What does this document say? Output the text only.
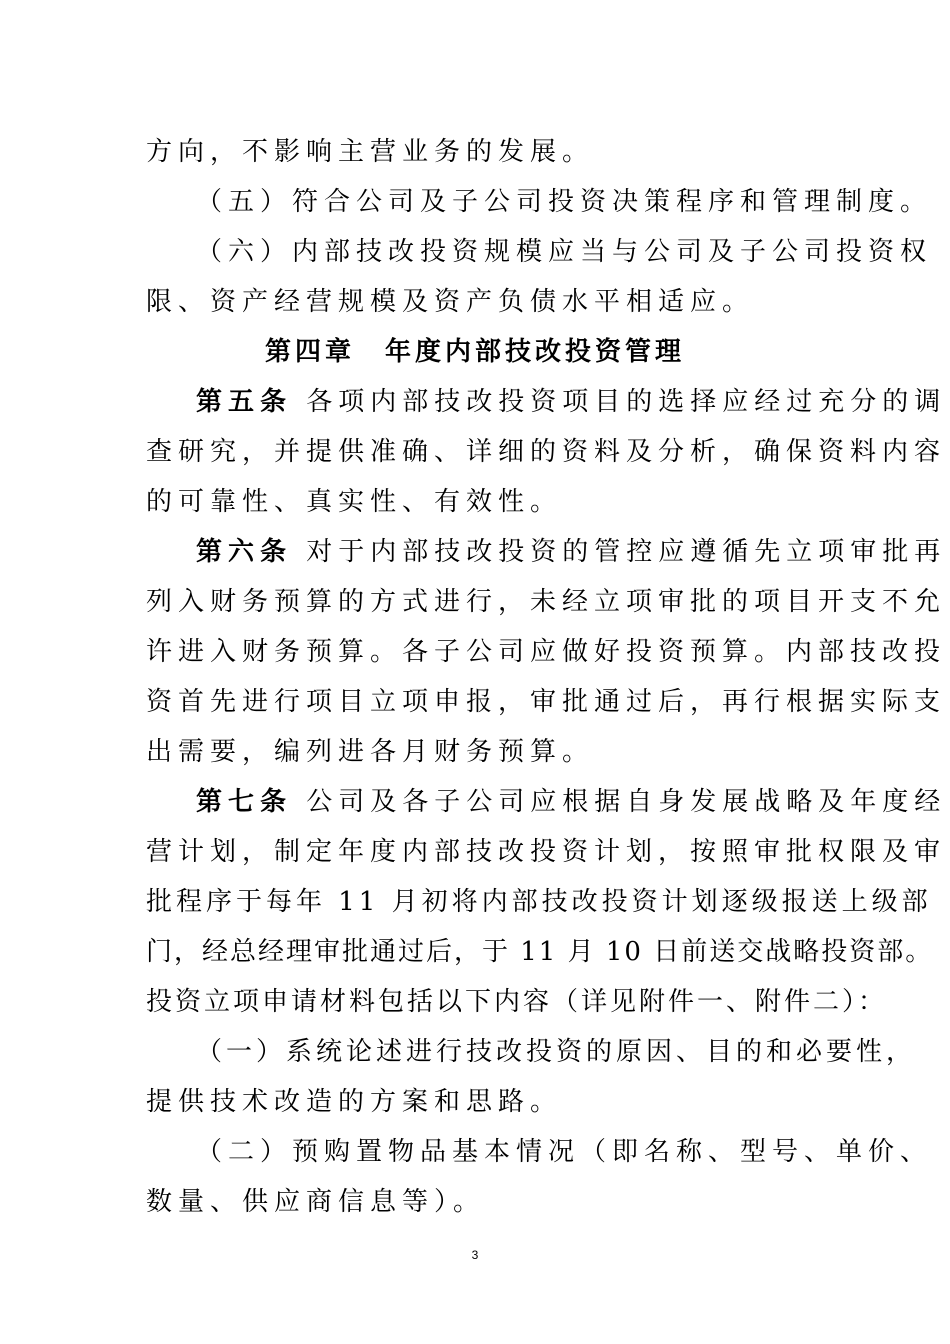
方向，不影响主营业务的发展。
（五）符合公司及子公司投资决策程序和管理制度。
（六）内部技改投资规模应当与公司及子公司投资权
限、资产经营规模及资产负债水平相适应。
第四章　年度内部技改投资管理
第五条 各项内部技改投资项目的选择应经过充分的调
查研究，并提供准确、详细的资料及分析，确保资料内容
的可靠性、真实性、有效性。
第六条 对于内部技改投资的管控应遵循先立项审批再
列入财务预算的方式进行，未经立项审批的项目开支不允
许进入财务预算。各子公司应做好投资预算。内部技改投
资首先进行项目立项申报，审批通过后，再行根据实际支
出需要，编列进各月财务预算。
第七条 公司及各子公司应根据自身发展战略及年度经
营计划，制定年度内部技改投资计划，按照审批权限及审
批程序于每年 11 月初将内部技改投资计划逐级报送上级部
门，经总经理审批通过后，于 11 月 10 日前送交战略投资部。
投资立项申请材料包括以下内容（详见附件一、附件二）：
（一）系统论述进行技改投资的原因、目的和必要性，
提供技术改造的方案和思路。
（二）预购置物品基本情况（即名称、型号、单价、
数量、供应商信息等）。
3
